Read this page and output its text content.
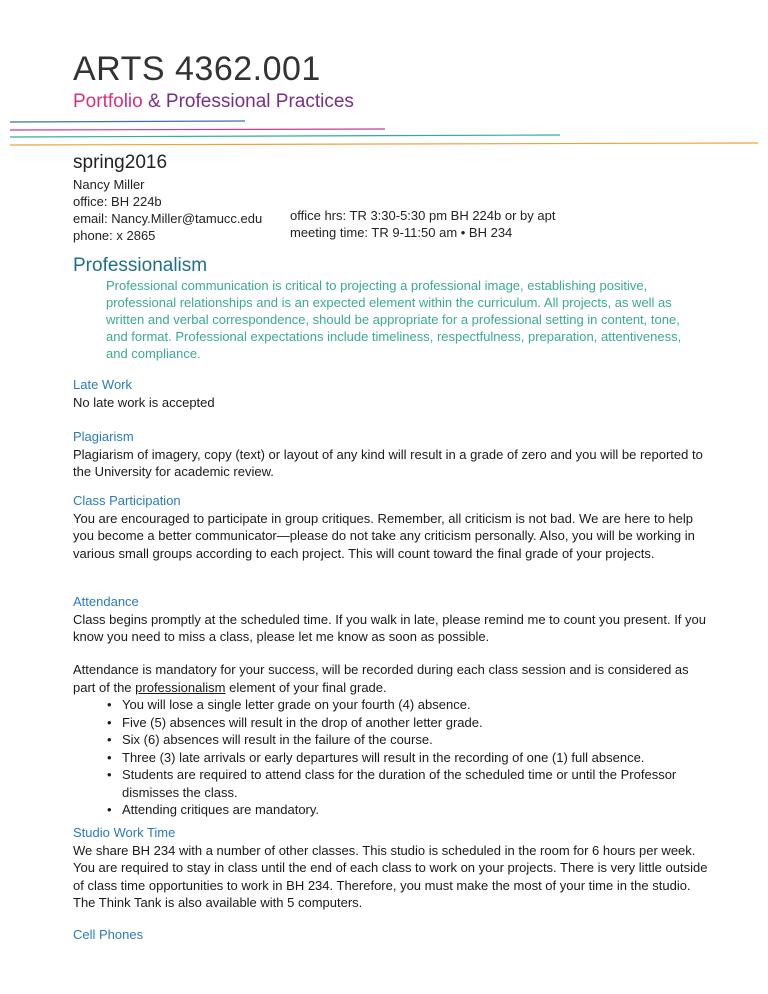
ARTS 4362.001
Portfolio & Professional Practices
spring2016
Nancy Miller
office: BH 224b
email: Nancy.Miller@tamucc.edu
phone: x 2865
office hrs: TR 3:30-5:30 pm BH 224b or by apt
meeting time: TR 9-11:50 am • BH 234
Professionalism
Professional communication is critical to projecting a professional image, establishing positive, professional relationships and is an expected element within the curriculum. All projects, as well as written and verbal correspondence, should be appropriate for a professional setting in content, tone, and format. Professional expectations include timeliness, respectfulness, preparation, attentiveness, and compliance.
Late Work

No late work is accepted

Plagiarism

Plagiarism of imagery, copy (text) or layout of any kind will result in a grade of zero and you will be reported to the University for academic review.

Class Participation

You are encouraged to participate in group critiques. Remember, all criticism is not bad. We are here to help you become a better communicator—please do not take any criticism personally. Also, you will be working in various small groups according to each project. This will count toward the final grade of your projects.

Attendance

Class begins promptly at the scheduled time. If you walk in late, please remind me to count you present. If you know you need to miss a class, please let me know as soon as possible.

Attendance is mandatory for your success, will be recorded during each class session and is considered as part of the professionalism element of your final grade.

• You will lose a single letter grade on your fourth (4) absence.
• Five (5) absences will result in the drop of another letter grade.
• Six (6) absences will result in the failure of the course.
• Three (3) late arrivals or early departures will result in the recording of one (1) full absence.
• Students are required to attend class for the duration of the scheduled time or until the Professor dismisses the class.
• Attending critiques are mandatory.
Studio Work Time

We share BH 234 with a number of other classes. This studio is scheduled in the room for 6 hours per week. You are required to stay in class until the end of each class to work on your projects. There is very little outside of class time opportunities to work in BH 234. Therefore, you must make the most of your time in the studio. The Think Tank is also available with 5 computers.

Cell Phones
